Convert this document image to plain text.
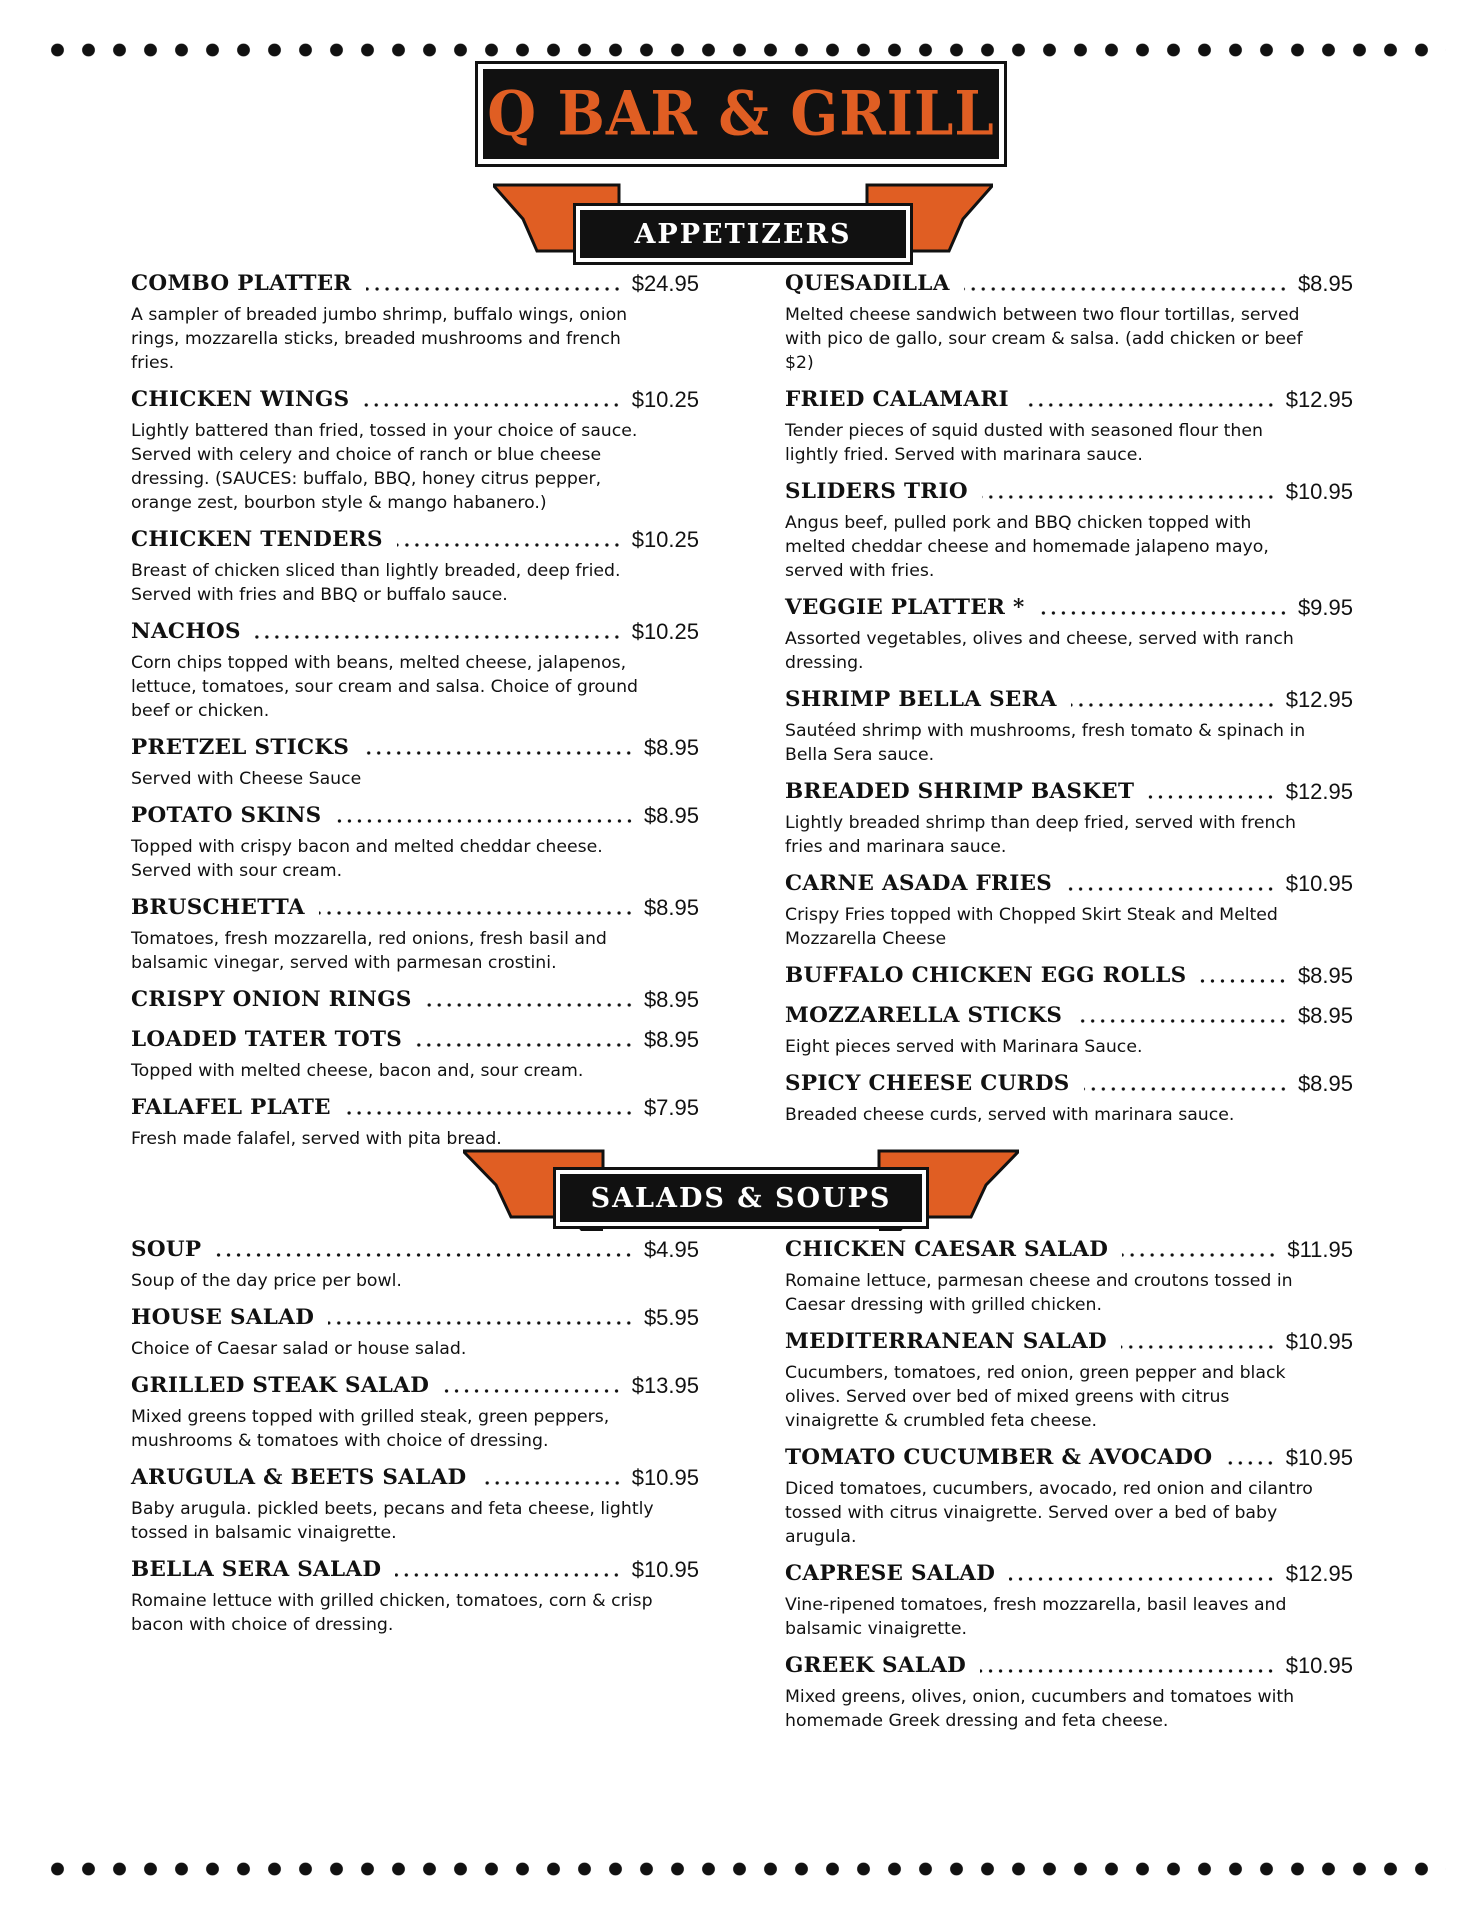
Q BAR & GRILL
APPETIZERS
COMBO PLATTER	$24.95
A sampler of breaded jumbo shrimp, buffalo wings, onion rings, mozzarella sticks, breaded mushrooms and french fries.
CHICKEN WINGS	$10.25
Lightly battered than fried, tossed in your choice of sauce. Served with celery and choice of ranch or blue cheese dressing. (SAUCES: buffalo, BBQ, honey citrus pepper, orange zest, bourbon style & mango habanero.)
CHICKEN TENDERS	$10.25
Breast of chicken sliced than lightly breaded, deep fried. Served with fries and BBQ or buffalo sauce.
NACHOS	$10.25
Corn chips topped with beans, melted cheese, jalapenos, lettuce, tomatoes, sour cream and salsa. Choice of ground beef or chicken.
PRETZEL STICKS	$8.95
Served with Cheese Sauce
POTATO SKINS	$8.95
Topped with crispy bacon and melted cheddar cheese. Served with sour cream.
BRUSCHETTA	$8.95
Tomatoes, fresh mozzarella, red onions, fresh basil and balsamic vinegar, served with parmesan crostini.
CRISPY ONION RINGS	$8.95
LOADED TATER TOTS	$8.95
Topped with melted cheese, bacon and, sour cream.
FALAFEL PLATE	$7.95
Fresh made falafel, served with pita bread.
QUESADILLA	$8.95
Melted cheese sandwich between two flour tortillas, served with pico de gallo, sour cream & salsa. (add chicken or beef $2)
FRIED CALAMARI	$12.95
Tender pieces of squid dusted with seasoned flour then lightly fried. Served with marinara sauce.
SLIDERS TRIO	$10.95
Angus beef, pulled pork and BBQ chicken topped with melted cheddar cheese and homemade jalapeno mayo, served with fries.
VEGGIE PLATTER *	$9.95
Assorted vegetables, olives and cheese, served with ranch dressing.
SHRIMP BELLA SERA	$12.95
Sautéed shrimp with mushrooms, fresh tomato & spinach in Bella Sera sauce.
BREADED SHRIMP BASKET	$12.95
Lightly breaded shrimp than deep fried, served with french fries and marinara sauce.
CARNE ASADA FRIES	$10.95
Crispy Fries topped with Chopped Skirt Steak and Melted Mozzarella Cheese
BUFFALO CHICKEN EGG ROLLS	$8.95
MOZZARELLA STICKS	$8.95
Eight pieces served with Marinara Sauce.
SPICY CHEESE CURDS	$8.95
Breaded cheese curds, served with marinara sauce.
SALADS & SOUPS
SOUP	$4.95
Soup of the day price per bowl.
HOUSE SALAD	$5.95
Choice of Caesar salad or house salad.
GRILLED STEAK SALAD	$13.95
Mixed greens topped with grilled steak, green peppers, mushrooms & tomatoes with choice of dressing.
ARUGULA & BEETS SALAD	$10.95
Baby arugula. pickled beets, pecans and feta cheese, lightly tossed in balsamic vinaigrette.
BELLA SERA SALAD	$10.95
Romaine lettuce with grilled chicken, tomatoes, corn & crisp bacon with choice of dressing.
CHICKEN CAESAR SALAD	$11.95
Romaine lettuce, parmesan cheese and croutons tossed in Caesar dressing with grilled chicken.
MEDITERRANEAN SALAD	$10.95
Cucumbers, tomatoes, red onion, green pepper and black olives. Served over bed of mixed greens with citrus vinaigrette & crumbled feta cheese.
TOMATO CUCUMBER & AVOCADO	$10.95
Diced tomatoes, cucumbers, avocado, red onion and cilantro tossed with citrus vinaigrette. Served over a bed of baby arugula.
CAPRESE SALAD	$12.95
Vine-ripened tomatoes, fresh mozzarella, basil leaves and balsamic vinaigrette.
GREEK SALAD	$10.95
Mixed greens, olives, onion, cucumbers and tomatoes with homemade Greek dressing and feta cheese.
